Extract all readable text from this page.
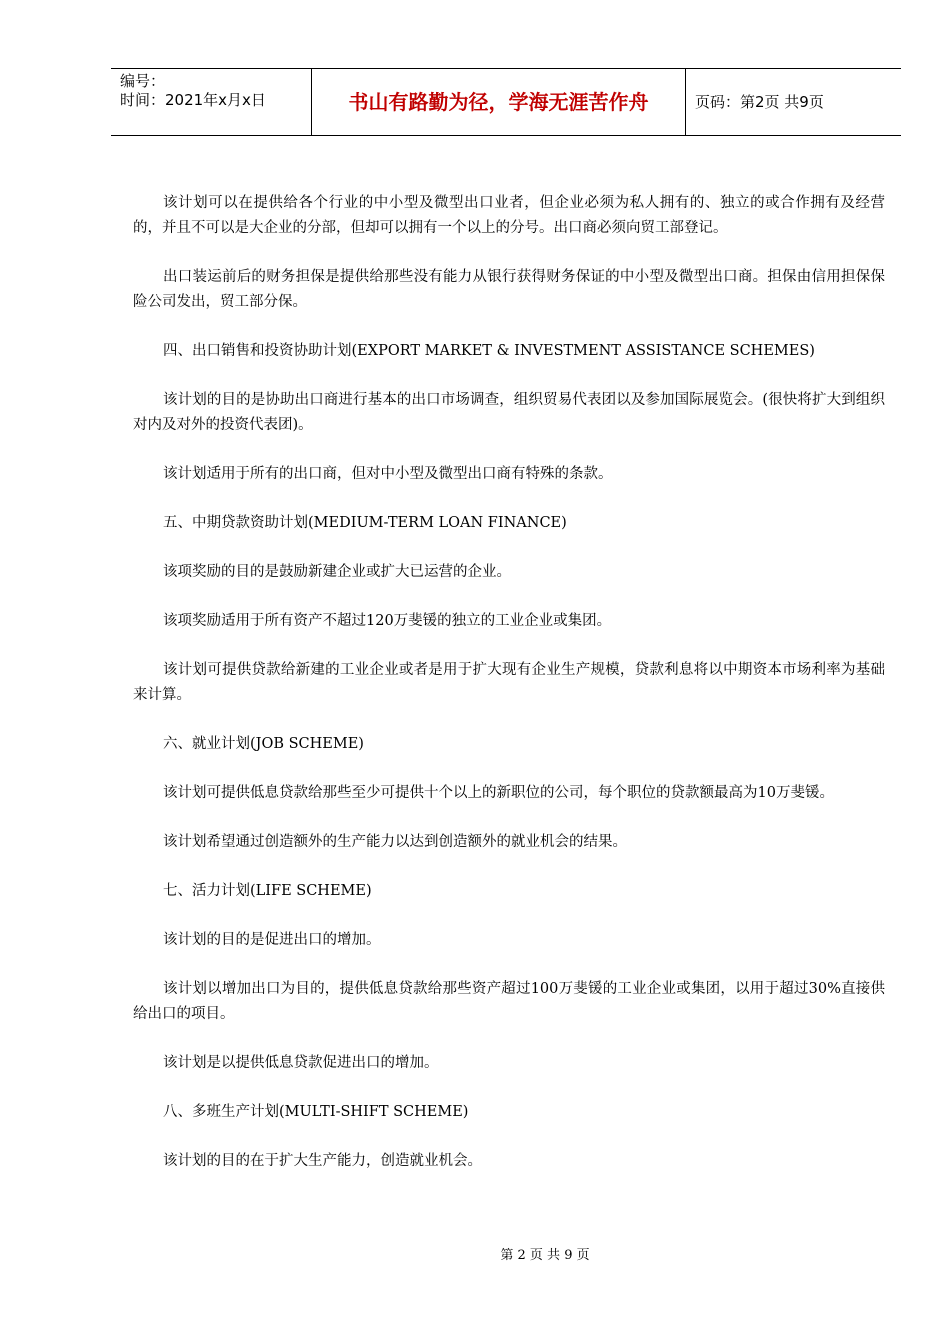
编号：
时间：2021年x月x日	书山有路勤为径，学海无涯苦作舟	页码：第2页 共9页

该计划可以在提供给各个行业的中小型及微型出口业者，但企业必须为私人拥有的、独立的或合作拥有及经营的，并且不可以是大企业的分部，但却可以拥有一个以上的分号。出口商必须向贸工部登记。

出口装运前后的财务担保是提供给那些没有能力从银行获得财务保证的中小型及微型出口商。担保由信用担保保险公司发出，贸工部分保。

四、出口销售和投资协助计划(EXPORT MARKET & INVESTMENT ASSISTANCE SCHEMES)

该计划的目的是协助出口商进行基本的出口市场调查，组织贸易代表团以及参加国际展览会。(很快将扩大到组织对内及对外的投资代表团)。

该计划适用于所有的出口商，但对中小型及微型出口商有特殊的条款。

五、中期贷款资助计划(MEDIUM-TERM LOAN FINANCE)

该项奖励的目的是鼓励新建企业或扩大已运营的企业。

该项奖励适用于所有资产不超过120万斐锾的独立的工业企业或集团。

该计划可提供贷款给新建的工业企业或者是用于扩大现有企业生产规模，贷款利息将以中期资本市场利率为基础来计算。

六、就业计划(JOB SCHEME)

该计划可提供低息贷款给那些至少可提供十个以上的新职位的公司，每个职位的贷款额最高为10万斐锾。

该计划希望通过创造额外的生产能力以达到创造额外的就业机会的结果。

七、活力计划(LIFE SCHEME)

该计划的目的是促进出口的增加。

该计划以增加出口为目的，提供低息贷款给那些资产超过100万斐锾的工业企业或集团，以用于超过30%直接供给出口的项目。

该计划是以提供低息贷款促进出口的增加。

八、多班生产计划(MULTI-SHIFT SCHEME)

该计划的目的在于扩大生产能力，创造就业机会。

第 2 页 共 9 页
